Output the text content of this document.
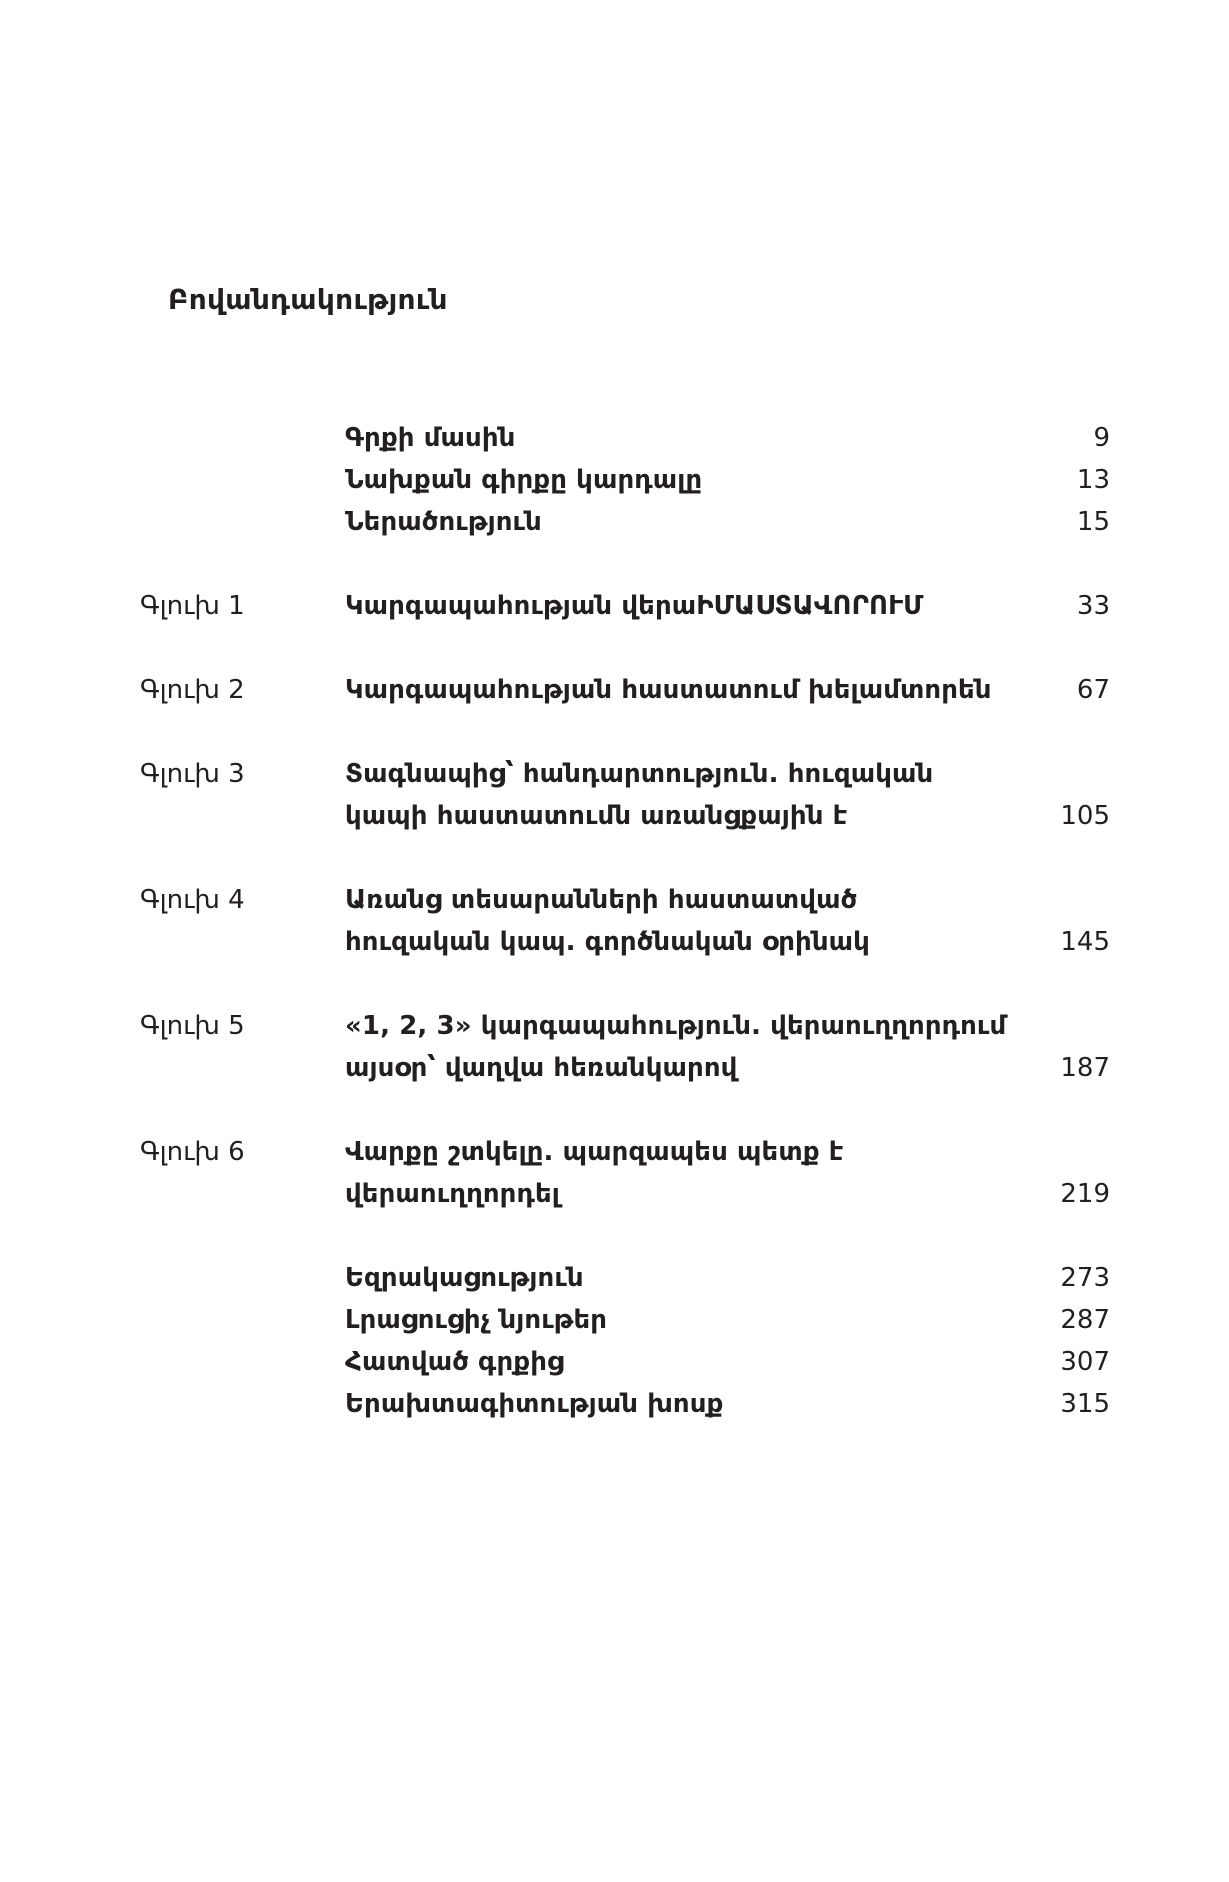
Բովանդակություն
Գրքի մասին	9
Նախքան գիրքը կարդալը	13
Ներածություն	15
Գլուխ 1	Կարգապահության վերաԻՄԱՍՏԱՎՈՐՈՒՄ	33
Գլուխ 2	Կարգապահության հաստատում խելամտորեն	67
Գլուխ 3	Տագնապից՝ հանդարտություն. հուզական
կապի հաստատումն առանցքային է	105
Գլուխ 4	Առանց տեսարանների հաստատված
հուզական կապ. գործնական օրինակ	145
Գլուխ 5	«1, 2, 3» կարգապահություն. վերաուղղորդում
այսօր՝ վաղվա հեռանկարով	187
Գլուխ 6	Վարքը շտկելը. պարզապես պետք է
վերաուղղորդել	219
Եզրակացություն	273
Լրացուցիչ նյութեր	287
Հատված գրքից	307
Երախտագիտության խոսք	315
